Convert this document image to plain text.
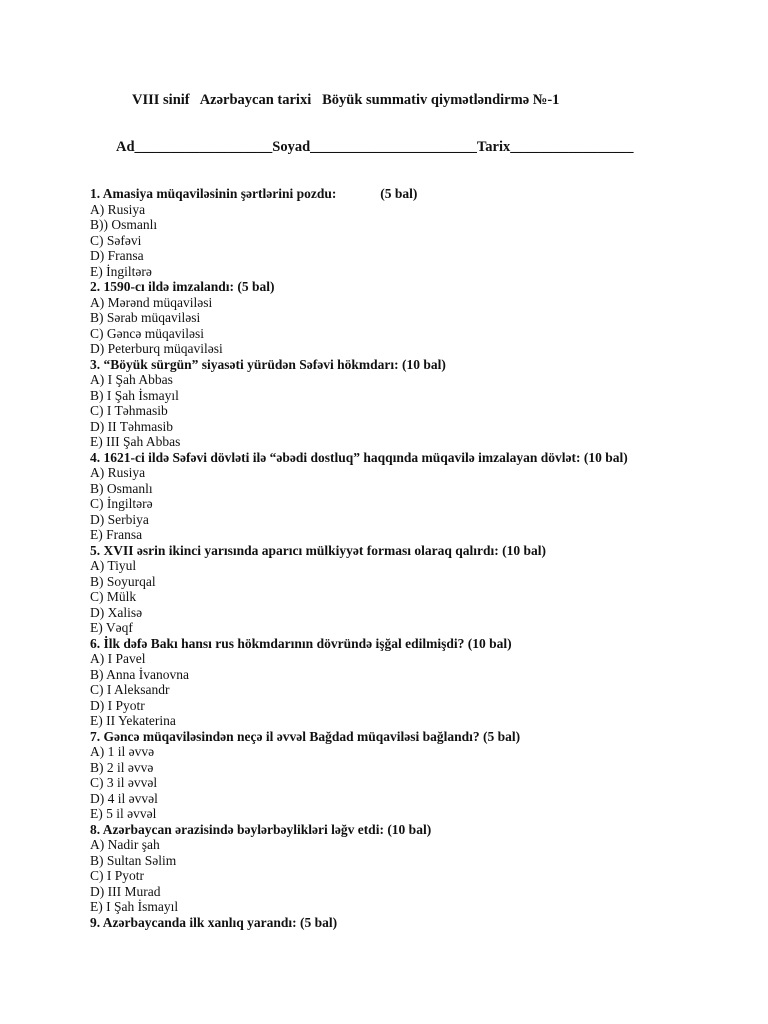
VIII sinif   Azərbaycan tarixi   Böyük summativ qiymətləndirmə №-1
Ad___________________Soyad_______________________Tarix_________________
1. Amasiya müqaviləsinin şərtlərini pozdu:             (5 bal)
A) Rusiya
B)) Osmanlı
C) Səfəvi
D) Fransa
E) İngiltərə
2. 1590-cı ildə imzalandı: (5 bal)
A) Mərənd müqaviləsi
B) Sərab müqaviləsi
C) Gəncə müqaviləsi
D) Peterburq müqaviləsi
3. “Böyük sürgün” siyasəti yürüdən Səfəvi hökmdarı: (10 bal)
A) I Şah Abbas
B) I Şah İsmayıl
C) I Təhmasib
D) II Təhmasib
E) III Şah Abbas
4. 1621-ci ildə Səfəvi dövləti ilə “əbədi dostluq” haqqında müqavilə imzalayan dövlət: (10 bal)
A) Rusiya
B) Osmanlı
C) İngiltərə
D) Serbiya
E) Fransa
5. XVII əsrin ikinci yarısında aparıcı mülkiyyət forması olaraq qalırdı: (10 bal)
A) Tiyul
B) Soyurqal
C) Mülk
D) Xalisə
E) Vəqf
6. İlk dəfə Bakı hansı rus hökmdarının dövründə işğal edilmişdi? (10 bal)
A) I Pavel
B) Anna İvanovna
C) I Aleksandr
D) I Pyotr
E) II Yekaterina
7. Gəncə müqaviləsindən neçə il əvvəl Bağdad müqaviləsi bağlandı? (5 bal)
A) 1 il əvvə
B) 2 il əvvə
C) 3 il əvvəl
D) 4 il əvvəl
E) 5 il əvvəl
8. Azərbaycan ərazisində bəylərbəylikləri ləğv etdi: (10 bal)
A) Nadir şah
B) Sultan Səlim
C) I Pyotr
D) III Murad
E) I Şah İsmayıl
9. Azərbaycanda ilk xanlıq yarandı: (5 bal)
